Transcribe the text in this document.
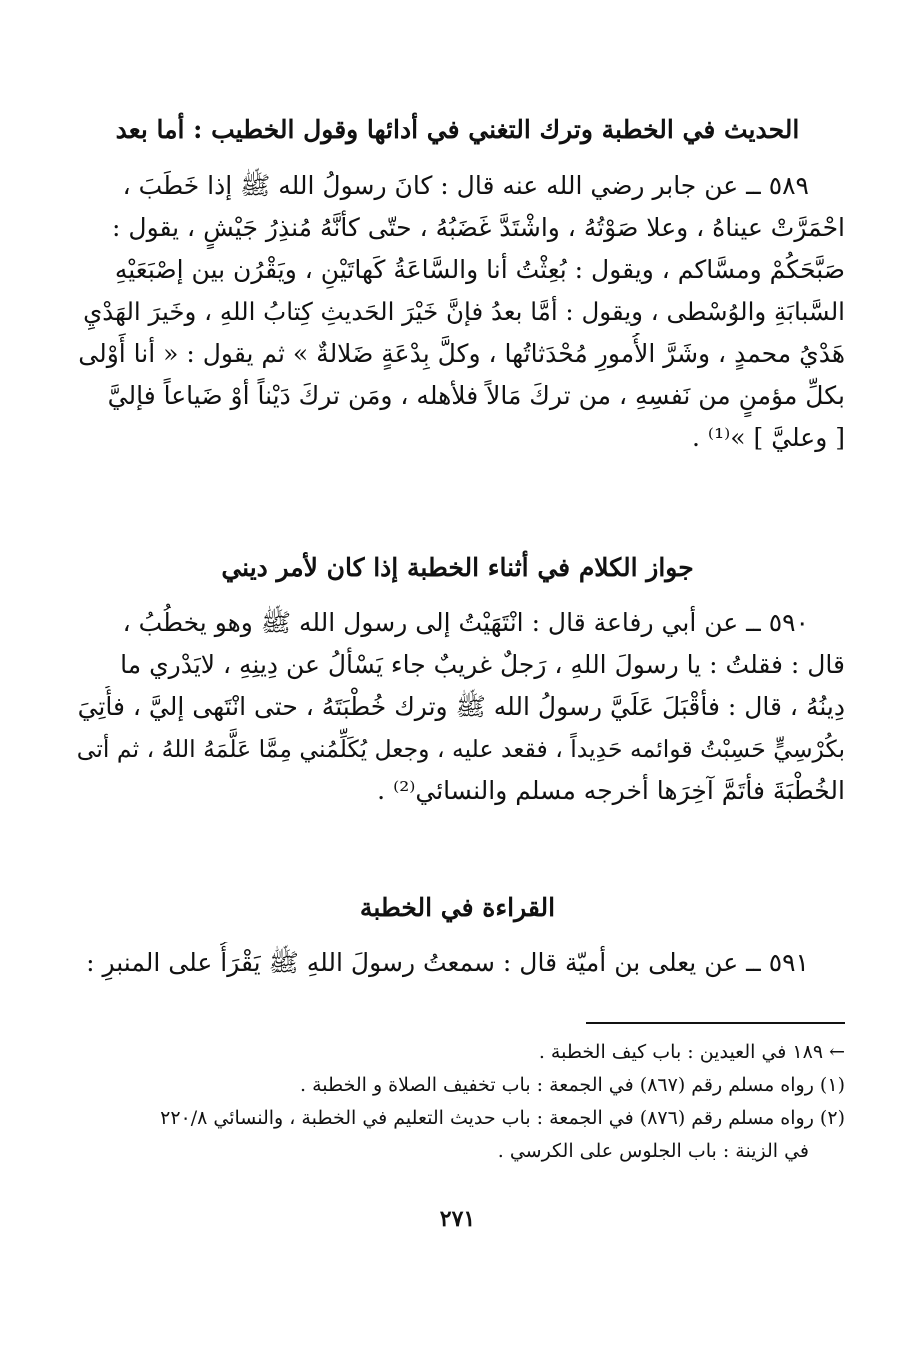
الحديث في الخطبة وترك التغني في أدائها وقول الخطيب : أما بعد

٥٨٩ ــ عن جابر رضي الله عنه قال : كانَ رسولُ الله ﷺ إذا خَطَبَ ،

احْمَرَّتْ عيناهُ ، وعلا صَوْتُهُ ، واشْتَدَّ غَضَبُهُ ، حتّى كأنَّهُ مُنذِرُ جَيْشٍ ، يقول :

صَبَّحَكُمْ ومسَّاكم ، ويقول : بُعِثْتُ أنا والسَّاعَةُ كَهاتَيْنِ ، ويَقْرُن بين إصْبَعَيْهِ

السَّبابَةِ والوُسْطى ، ويقول : أمَّا بعدُ فإنَّ خَيْرَ الحَديثِ كِتابُ اللهِ ، وخَيرَ الهَدْيِ

هَدْيُ محمدٍ ، وشَرَّ الأُمورِ مُحْدَثاتُها ، وكلَّ بِدْعَةٍ ضَلالةٌ » ثم يقول : « أنا أَوْلى

بكلِّ مؤمنٍ من نَفسِهِ ، من تركَ مَالاً فلأهله ، ومَن تركَ دَيْناً أوْ ضَياعاً فإليَّ

[ وعليَّ ] »⁽¹⁾ .

جواز الكلام في أثناء الخطبة إذا كان لأمر ديني

٥٩٠ ــ عن أبي رفاعة قال : انْتَهَيْتُ إلى رسول الله ﷺ وهو يخطُبُ ،

قال : فقلتُ : يا رسولَ اللهِ ، رَجلٌ غريبٌ جاء يَسْألُ عن دِينِهِ ، لايَدْري ما

دِينُهُ ، قال : فأقْبَلَ عَلَيَّ رسولُ الله ﷺ وترك خُطْبَتَهُ ، حتى انْتَهى إليَّ ، فأُتِيَ

بكُرْسِيٍّ حَسِبْتُ قوائمه حَدِيداً ، فقعد عليه ، وجعل يُكَلِّمُني مِمَّا عَلَّمَهُ اللهُ ، ثم أتى

الخُطْبَةَ فأتَمَّ آخِرَها أخرجه مسلم والنسائي⁽²⁾ .

القراءة في الخطبة

٥٩١ ــ عن يعلى بن أميّة قال : سمعتُ رسولَ اللهِ ﷺ يَقْرَأُ على المنبرِ :

← ١٨٩ في العيدين : باب كيف الخطبة .

(١) رواه مسلم رقم (٨٦٧) في الجمعة : باب تخفيف الصلاة و الخطبة .

(٢) رواه مسلم رقم (٨٧٦) في الجمعة : باب حديث التعليم في الخطبة ، والنسائي ٢٢٠/٨

في الزينة : باب الجلوس على الكرسي .

٢٧١
